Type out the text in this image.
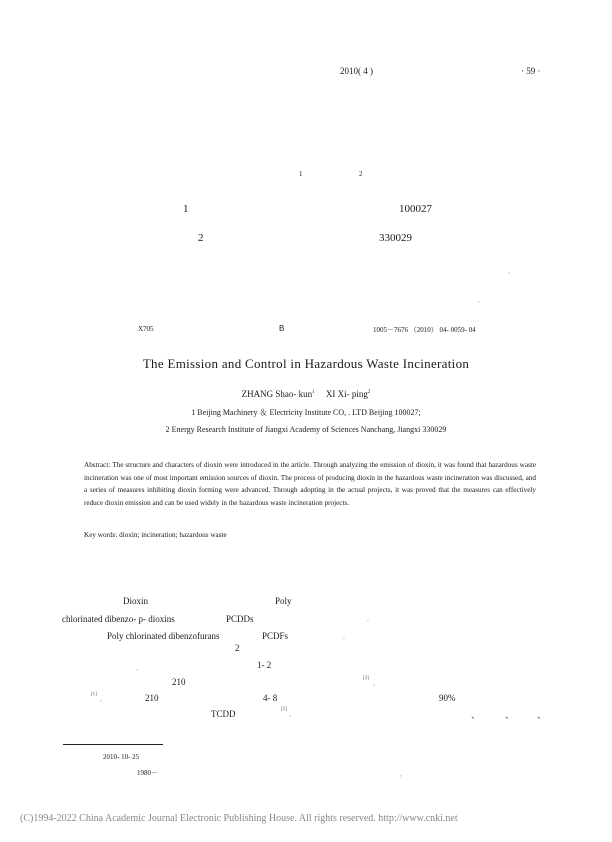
2010( 4 )	· 59 ·
1	2
1	100027
2	330029
。
。
X705	B	1005－7676 （2010） 04- 0059- 04
The Emission and Control in Hazardous Waste Incineration
ZHANG Shao- kun$^1$ XI Xi- ping$^2$
1 Beijing Machinery ＆ Electricity Institute CO, . LTD Beijing 100027;
2 Energy Research Institute of Jiangxi Academy of Sciences Nanchang, Jiangxi 330029
Abstract: The structure and characters of dioxin were introduced in the article. Through analyzing the emission of dioxin, it was found that hazardous waste incineration was one of most important emission sources of dioxin. The process of producing dioxin in the hazardous waste incineration was discussed, and a series of measures inhibiting dioxin forming were advanced. Through adopting in the actual projects, it was proved that the measures can effectively reduce dioxin emission and can be used widely in the hazardous waste incineration projects.
Key words: dioxin; incineration; hazardous waste
Dioxin	Poly
chlorinated dibenzo- p- dioxins	PCDDs	。
Poly chlorinated dibenzofurans	PCDFs	。
2
1- 2
。
210	[3]
。
[1]
。	210	4- 8	90%
TCDD	[2]
。	、	、	、
2010- 10- 25
1980－	。
(C)1994-2022 China Academic Journal Electronic Publishing House. All rights reserved. http://www.cnki.net
